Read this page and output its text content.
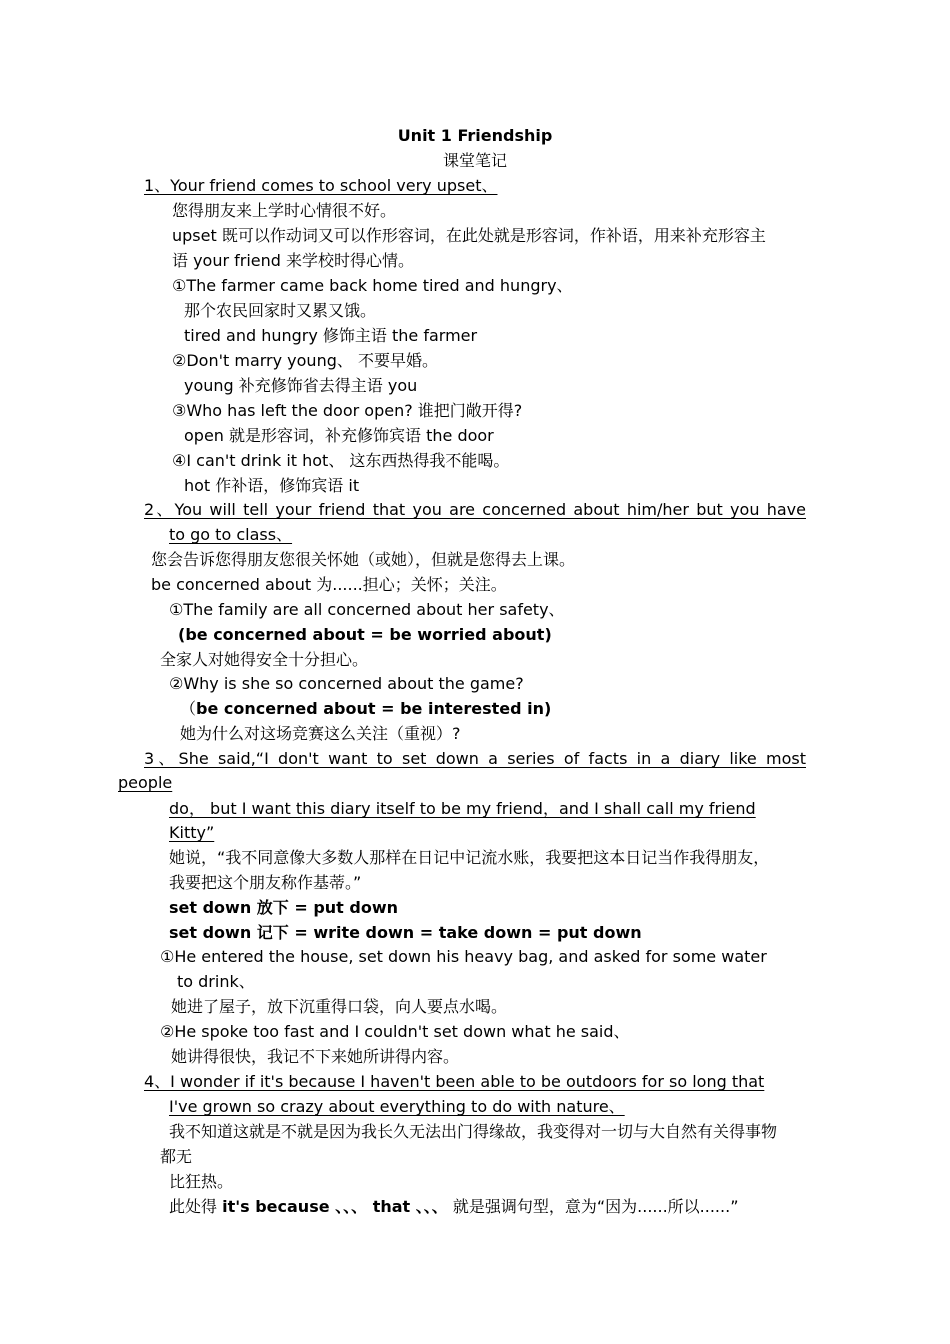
Unit 1 Friendship
课堂笔记
1、Your friend comes to school very upset、
您得朋友来上学时心情很不好。
upset 既可以作动词又可以作形容词，在此处就是形容词，作补语，用来补充形容主
语 your friend 来学校时得心情。
①The farmer came back home tired and hungry、
那个农民回家时又累又饿。
tired and hungry 修饰主语 the farmer
②Don't marry young、 不要早婚。
young 补充修饰省去得主语 you
③Who has left the door open? 谁把门敞开得?
open 就是形容词，补充修饰宾语 the door
④I can't drink it hot、 这东西热得我不能喝。
hot 作补语，修饰宾语 it
2、You will tell your friend that you are concerned about him/her but you have
to go to class、
您会告诉您得朋友您很关怀她（或她），但就是您得去上课。
be concerned about 为......担心；关怀；关注。
①The family are all concerned about her safety、
(be concerned about = be worried about)
全家人对她得安全十分担心。
②Why is she so concerned about the game?
（be concerned about = be interested in)
她为什么对这场竞赛这么关注（重视）?
3、She said,“I don't want to set down a series of facts in a diary like most
people
do， but I want this diary itself to be my friend，and I shall call my friend
Kitty”
她说，“我不同意像大多数人那样在日记中记流水账，我要把这本日记当作我得朋友，
我要把这个朋友称作基蒂。”
set down 放下 = put down
set down 记下 = write down = take down = put down
①He entered the house, set down his heavy bag, and asked for some water
to drink、
她进了屋子，放下沉重得口袋，向人要点水喝。
②He spoke too fast and I couldn't set down what he said、
她讲得很快，我记不下来她所讲得内容。
4、I wonder if it's because I haven't been able to be outdoors for so long that
I've grown so crazy about everything to do with nature、
我不知道这就是不就是因为我长久无法出门得缘故，我变得对一切与大自然有关得事物
都无
比狂热。
此处得 it's because 、、、 that 、、、 就是强调句型，意为“因为......所以......”
